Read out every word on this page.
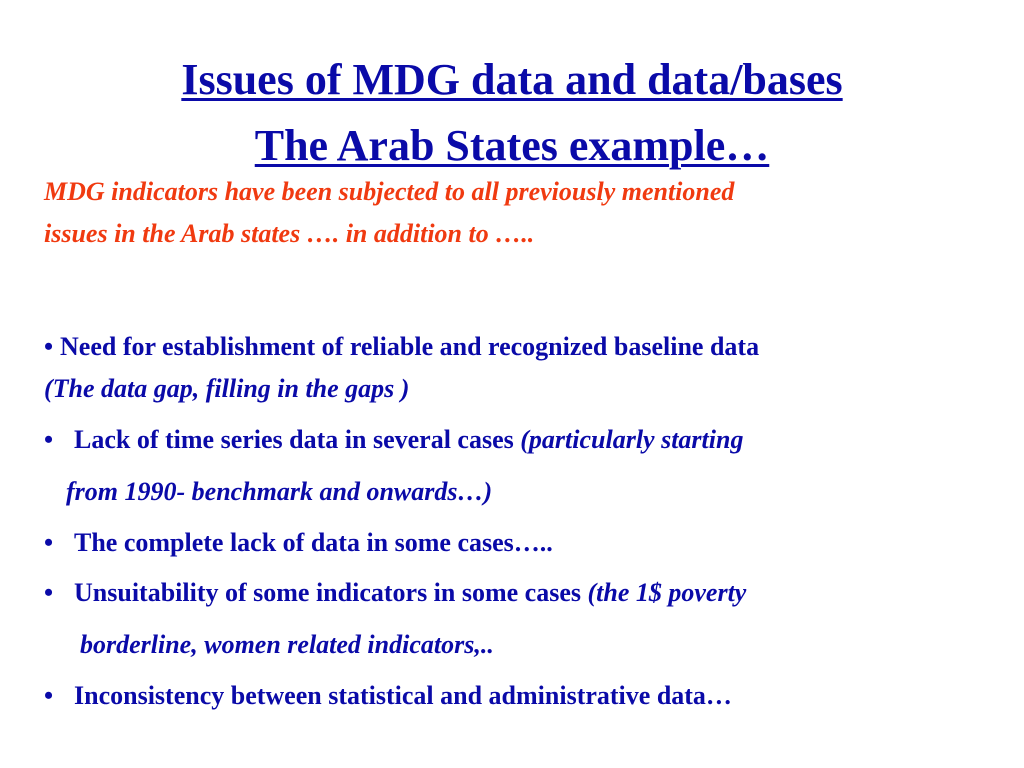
Issues of MDG data and data/bases
The Arab States example…

MDG indicators have been subjected to all previously mentioned

issues in the Arab states …. in addition to …..

• Need for establishment of reliable and recognized baseline data
(The data gap, filling in the gaps )
• Lack of time series data in several cases (particularly starting
from 1990- benchmark and onwards…)
• The complete lack of data in some cases…..
• Unsuitability of some indicators in some cases (the 1$ poverty
borderline, women related indicators,..
• Inconsistency between statistical and administrative data…
